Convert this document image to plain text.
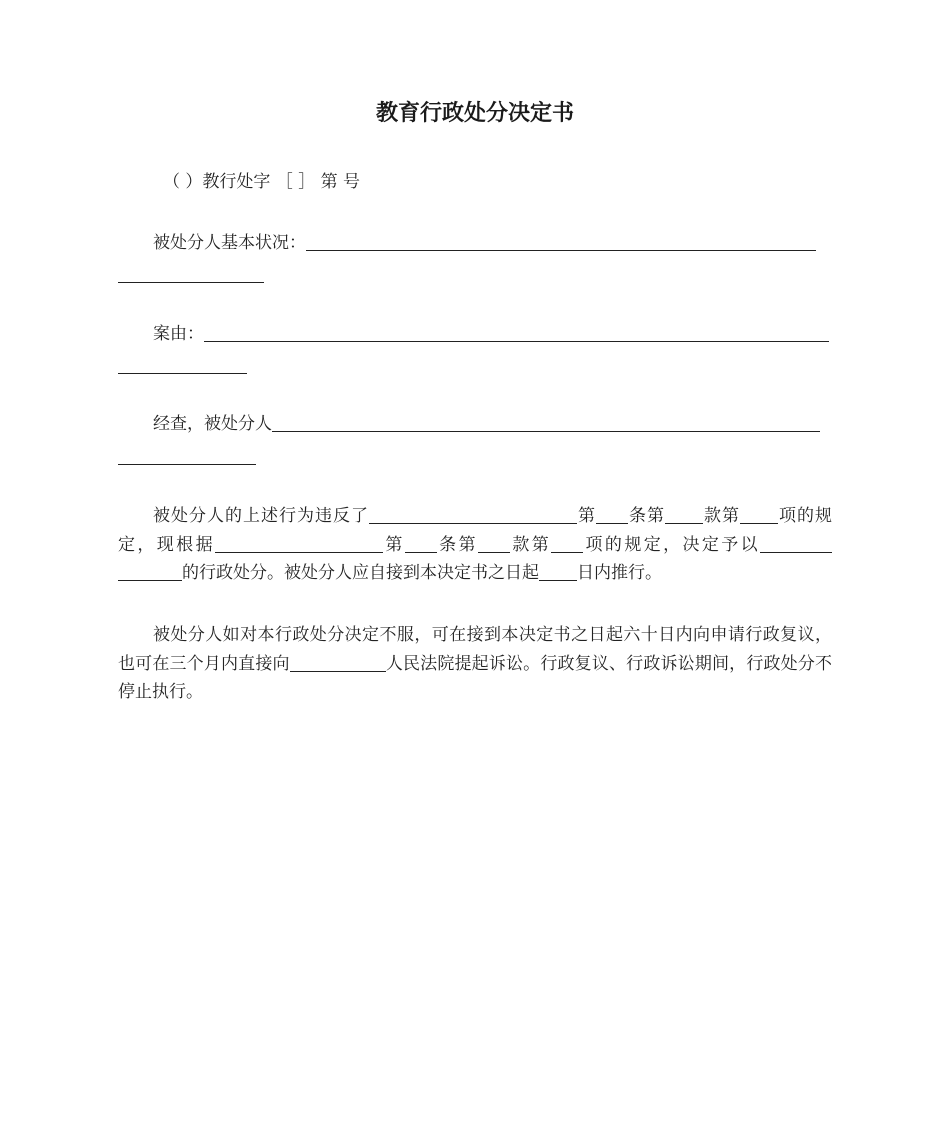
教育行政处分决定书
（ ）教行处字 ［ ］ 第 号
被处分人基本状况：
案由：
经查，被处分人
被处分人的上述行为违反了	第 条第 款第 项的规定，现根据	第 条第 款第 项的规定，决定予以的行政处分。被处分人应自接到本决定书之日起 日内推行。
被处分人如对本行政处分决定不服，可在接到本决定书之日起六十日内向申请行政复议，也可在三个月内直接向	人民法院提起诉讼。行政复议、行政诉讼期间，行政处分不停止执行。
